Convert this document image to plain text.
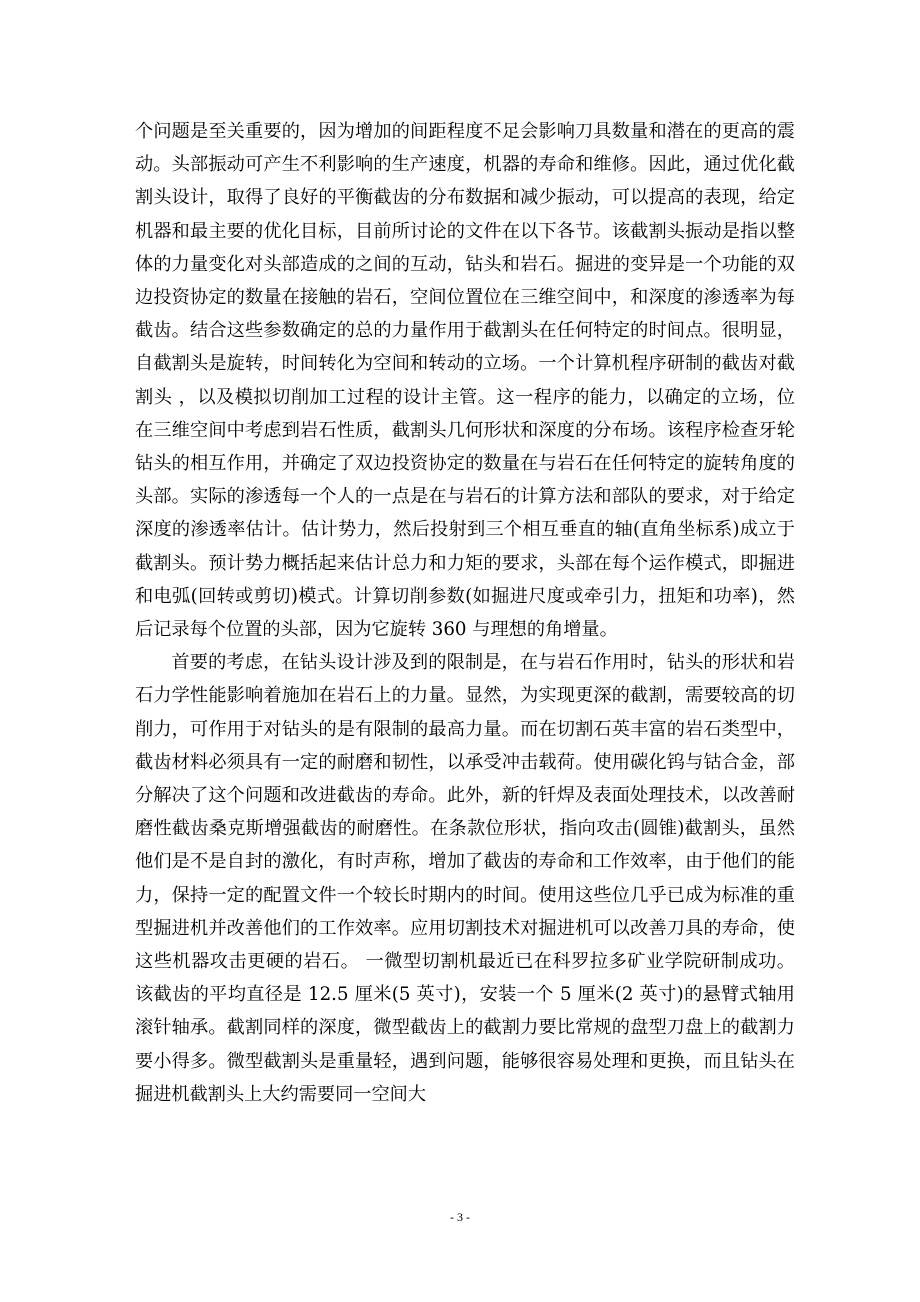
个问题是至关重要的，因为增加的间距程度不足会影响刀具数量和潜在的更高的震动。头部振动可产生不利影响的生产速度，机器的寿命和维修。因此，通过优化截割头设计，取得了良好的平衡截齿的分布数据和减少振动，可以提高的表现，给定机器和最主要的优化目标，目前所讨论的文件在以下各节。该截割头振动是指以整体的力量变化对头部造成的之间的互动，钻头和岩石。掘进的变异是一个功能的双边投资协定的数量在接触的岩石，空间位置位在三维空间中，和深度的渗透率为每截齿。结合这些参数确定的总的力量作用于截割头在任何特定的时间点。很明显，自截割头是旋转，时间转化为空间和转动的立场。一个计算机程序研制的截齿对截割头 ，以及模拟切削加工过程的设计主管。这一程序的能力，以确定的立场，位在三维空间中考虑到岩石性质，截割头几何形状和深度的分布场。该程序检查牙轮钻头的相互作用，并确定了双边投资协定的数量在与岩石在任何特定的旋转角度的头部。实际的渗透每一个人的一点是在与岩石的计算方法和部队的要求，对于给定深度的渗透率估计。估计势力，然后投射到三个相互垂直的轴(直角坐标系)成立于截割头。预计势力概括起来估计总力和力矩的要求，头部在每个运作模式，即掘进和电弧(回转或剪切)模式。计算切削参数(如掘进尺度或牵引力，扭矩和功率)，然后记录每个位置的头部，因为它旋转 360 与理想的角增量。

首要的考虑，在钻头设计涉及到的限制是，在与岩石作用时，钻头的形状和岩石力学性能影响着施加在岩石上的力量。显然，为实现更深的截割，需要较高的切削力，可作用于对钻头的是有限制的最高力量。而在切割石英丰富的岩石类型中，截齿材料必须具有一定的耐磨和韧性，以承受冲击载荷。使用碳化钨与钴合金，部分解决了这个问题和改进截齿的寿命。此外，新的钎焊及表面处理技术，以改善耐磨性截齿桑克斯增强截齿的耐磨性。在条款位形状，指向攻击(圆锥)截割头，虽然他们是不是自封的激化，有时声称，增加了截齿的寿命和工作效率，由于他们的能力，保持一定的配置文件一个较长时期内的时间。使用这些位几乎已成为标准的重型掘进机并改善他们的工作效率。应用切割技术对掘进机可以改善刀具的寿命，使这些机器攻击更硬的岩石。 一微型切割机最近已在科罗拉多矿业学院研制成功。该截齿的平均直径是 12.5 厘米(5 英寸)，安装一个 5 厘米(2 英寸)的悬臂式轴用滚针轴承。截割同样的深度，微型截齿上的截割力要比常规的盘型刀盘上的截割力要小得多。微型截割头是重量轻，遇到问题，能够很容易处理和更换，而且钻头在掘进机截割头上大约需要同一空间大

- 3 -
